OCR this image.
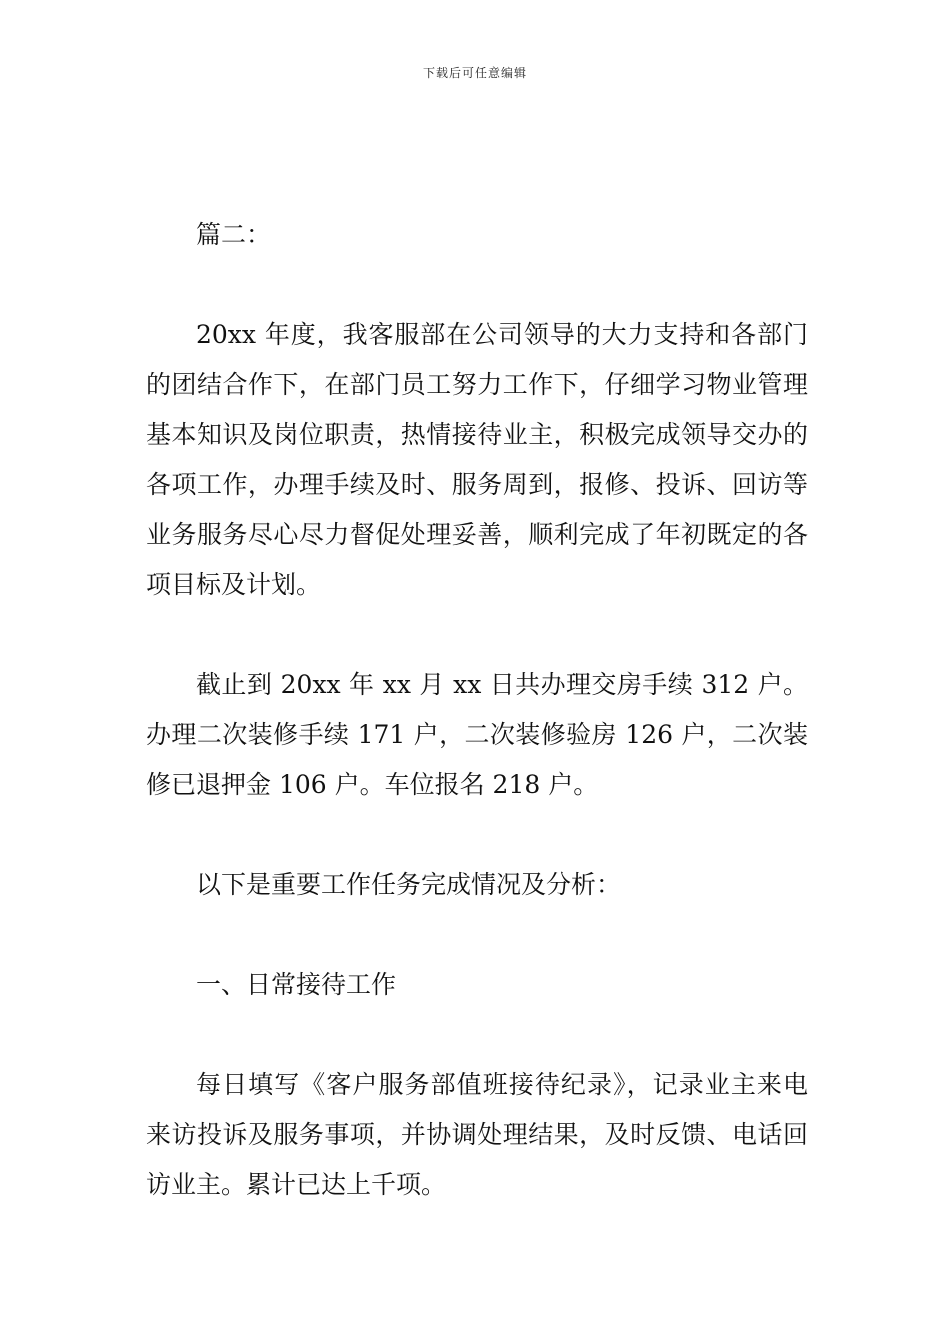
下载后可任意编辑

篇二：

20xx 年度，我客服部在公司领导的大力支持和各部门的团结合作下，在部门员工努力工作下，仔细学习物业管理基本知识及岗位职责，热情接待业主，积极完成领导交办的各项工作，办理手续及时、服务周到，报修、投诉、回访等业务服务尽心尽力督促处理妥善，顺利完成了年初既定的各项目标及计划。

截止到 20xx 年 xx 月 xx 日共办理交房手续 312 户。办理二次装修手续 171 户，二次装修验房 126 户，二次装修已退押金 106 户。车位报名 218 户。

以下是重要工作任务完成情况及分析：

一、日常接待工作

每日填写《客户服务部值班接待纪录》，记录业主来电来访投诉及服务事项，并协调处理结果，及时反馈、电话回访业主。累计已达上千项。
